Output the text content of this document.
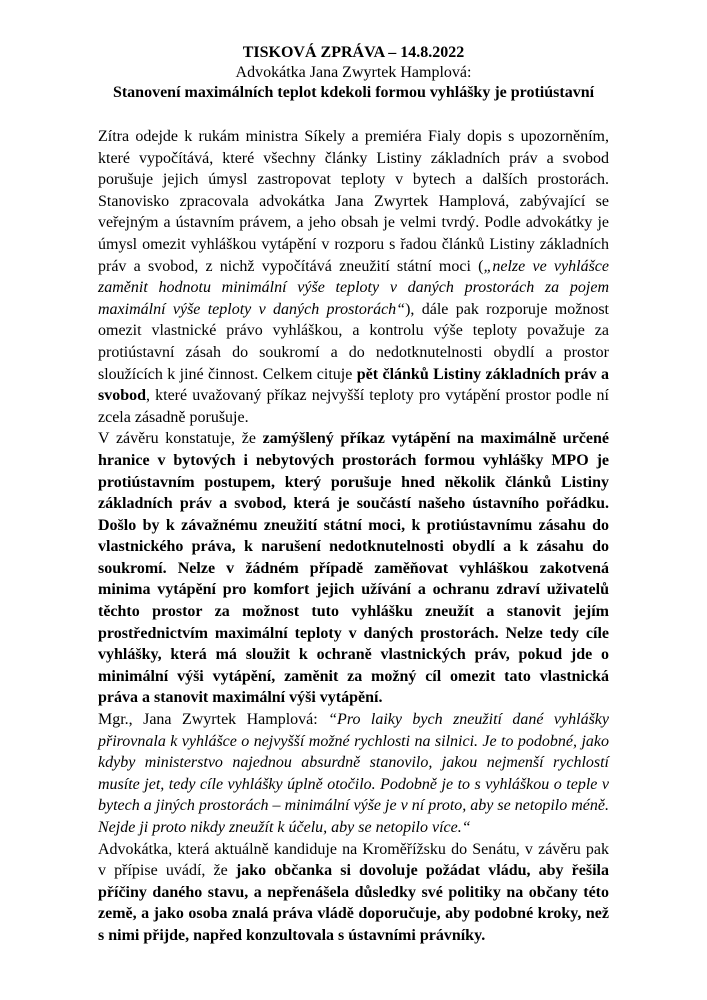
TISKOVÁ ZPRÁVA – 14.8.2022
Advokátka Jana Zwyrtek Hamplová:
Stanovení maximálních teplot kdekoli formou vyhlášky je protiústavní

Zítra odejde k rukám ministra Síkely a premiéra Fialy dopis s upozorněním, které vypočítává, které všechny články Listiny základních práv a svobod porušuje jejich úmysl zastropovat teploty v bytech a dalších prostorách. Stanovisko zpracovala advokátka Jana Zwyrtek Hamplová, zabývající se veřejným a ústavním právem, a jeho obsah je velmi tvrdý. Podle advokátky je úmysl omezit vyhláškou vytápění v rozporu s řadou článků Listiny základních práv a svobod, z nichž vypočítává zneužití státní moci („nelze ve vyhlášce zaměnit hodnotu minimální výše teploty v daných prostorách za pojem maximální výše teploty v daných prostorách“), dále pak rozporuje možnost omezit vlastnické právo vyhláškou, a kontrolu výše teploty považuje za protiústavní zásah do soukromí a do nedotknutelnosti obydlí a prostor sloužících k jiné činnost. Celkem cituje pět článků Listiny základních práv a svobod, které uvažovaný příkaz nejvyšší teploty pro vytápění prostor podle ní zcela zásadně porušuje.

V závěru konstatuje, že zamýšlený příkaz vytápění na maximálně určené hranice v bytových i nebytových prostorách formou vyhlášky MPO je protiústavním postupem, který porušuje hned několik článků Listiny základních práv a svobod, která je součástí našeho ústavního pořádku. Došlo by k závažnému zneužití státní moci, k protiústavnímu zásahu do vlastnického práva, k narušení nedotknutelnosti obydlí a k zásahu do soukromí. Nelze v žádném případě zaměňovat vyhláškou zakotvená minima vytápění pro komfort jejich užívání a ochranu zdraví uživatelů těchto prostor za možnost tuto vyhlášku zneužít a stanovit jejím prostřednictvím maximální teploty v daných prostorách. Nelze tedy cíle vyhlášky, která má sloužit k ochraně vlastnických práv, pokud jde o minimální výši vytápění, zaměnit za možný cíl omezit tato vlastnická práva a stanovit maximální výši vytápění.

Mgr., Jana Zwyrtek Hamplová: “Pro laiky bych zneužití dané vyhlášky přirovnala k vyhlášce o nejvyšší možné rychlosti na silnici. Je to podobné, jako kdyby ministerstvo najednou absurdně stanovilo, jakou nejmenší rychlostí musíte jet, tedy cíle vyhlášky úplně otočilo. Podobně je to s vyhláškou o teple v bytech a jiných prostorách – minimální výše je v ní proto, aby se netopilo méně. Nejde ji proto nikdy zneužít k účelu, aby se netopilo více.“

Advokátka, která aktuálně kandiduje na Kroměřížsku do Senátu, v závěru pak v přípise uvádí, že jako občanka si dovoluje požádat vládu, aby řešila příčiny daného stavu, a nepřenášela důsledky své politiky na občany této země, a jako osoba znalá práva vládě doporučuje, aby podobné kroky, než s nimi přijde, napřed konzultovala s ústavními právníky.
